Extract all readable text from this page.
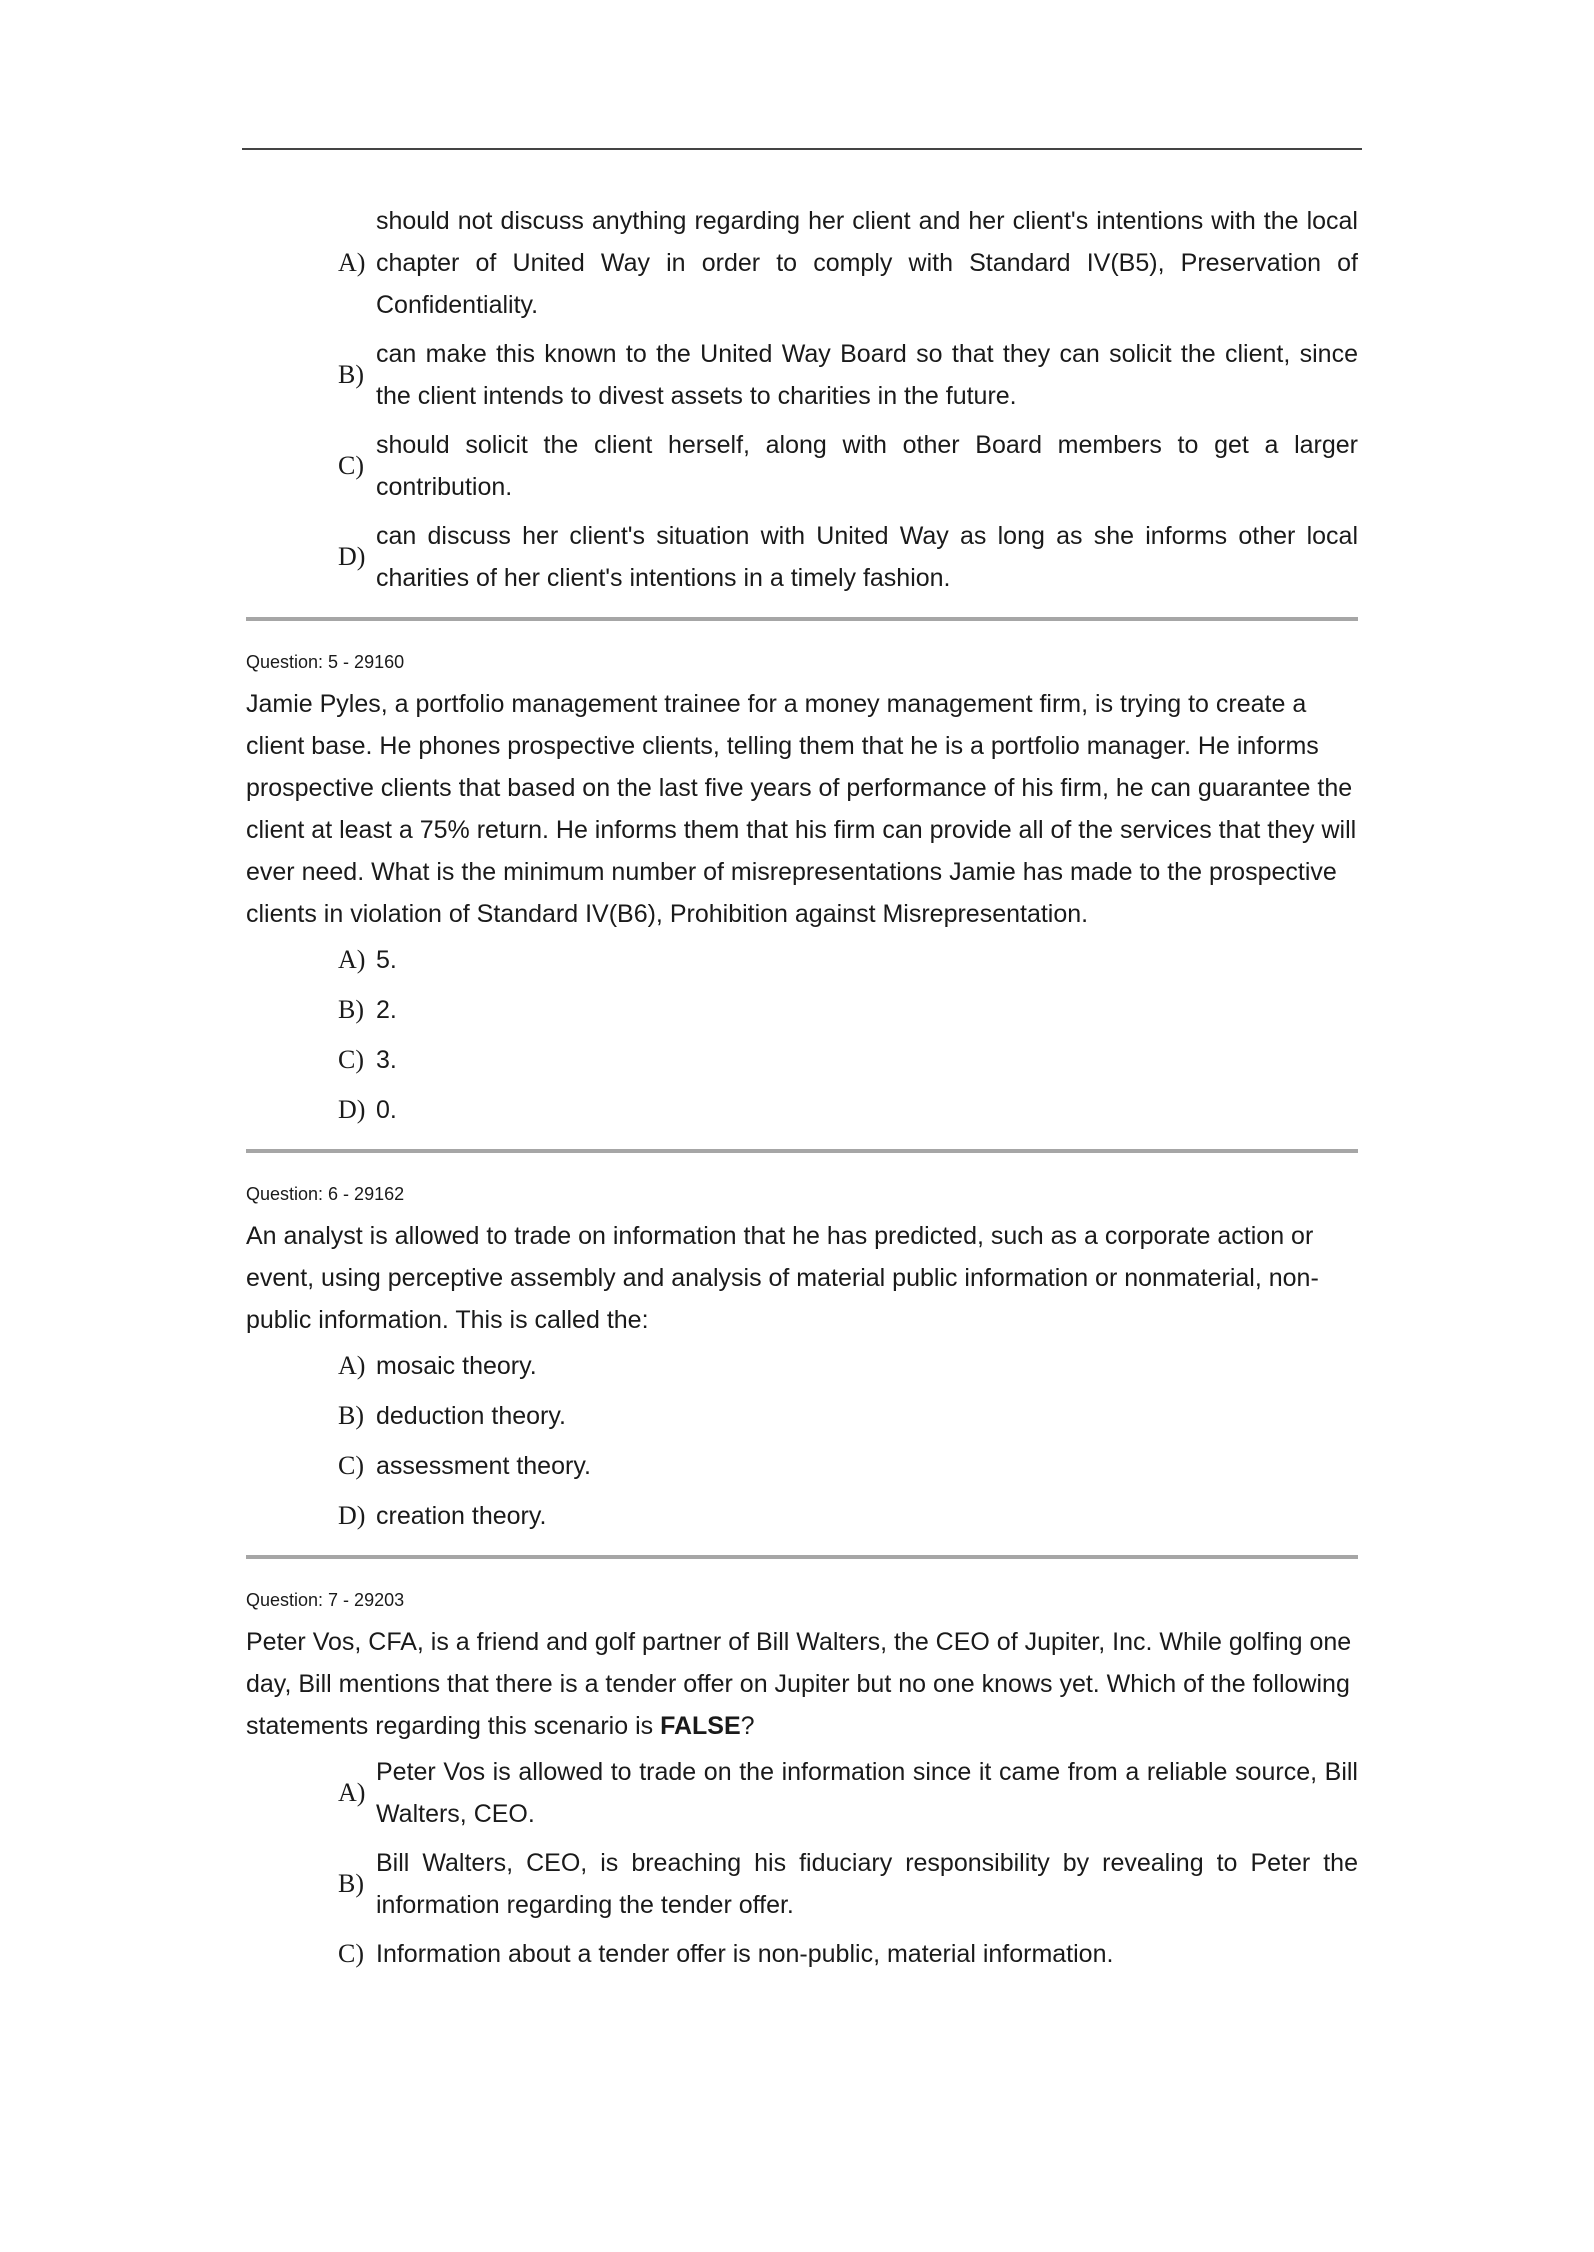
A)
should not discuss anything regarding her client and her client's intentions with the local chapter of United Way in order to comply with Standard IV(B5), Preservation of Confidentiality.
B)
can make this known to the United Way Board so that they can solicit the client, since the client intends to divest assets to charities in the future.
C)
should solicit the client herself, along with other Board members to get a larger contribution.
D)
can discuss her client's situation with United Way as long as she informs other local charities of her client's intentions in a timely fashion.
Question: 5 - 29160
Jamie Pyles, a portfolio management trainee for a money management firm, is trying to create a client base. He phones prospective clients, telling them that he is a portfolio manager. He informs prospective clients that based on the last five years of performance of his firm, he can guarantee the client at least a 75% return. He informs them that his firm can provide all of the services that they will ever need. What is the minimum number of misrepresentations Jamie has made to the prospective clients in violation of Standard IV(B6), Prohibition against Misrepresentation.
A) 5.
B) 2.
C) 3.
D) 0.
Question: 6 - 29162
An analyst is allowed to trade on information that he has predicted, such as a corporate action or event, using perceptive assembly and analysis of material public information or nonmaterial, non-public information. This is called the:
A) mosaic theory.
B) deduction theory.
C) assessment theory.
D) creation theory.
Question: 7 - 29203
Peter Vos, CFA, is a friend and golf partner of Bill Walters, the CEO of Jupiter, Inc. While golfing one day, Bill mentions that there is a tender offer on Jupiter but no one knows yet. Which of the following statements regarding this scenario is FALSE?
A)
Peter Vos is allowed to trade on the information since it came from a reliable source, Bill Walters, CEO.
B)
Bill Walters, CEO, is breaching his fiduciary responsibility by revealing to Peter the information regarding the tender offer.
C) Information about a tender offer is non-public, material information.
